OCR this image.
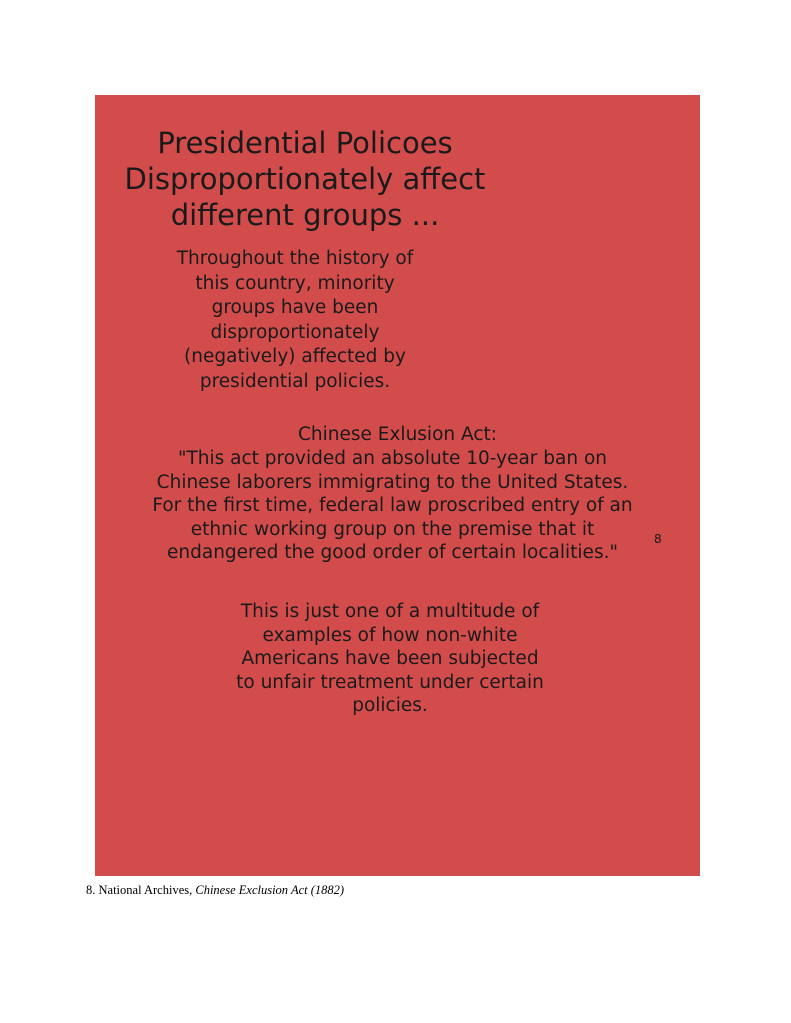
Presidential Policoes
Disproportionately affect
different groups ...
Throughout the history of
this country, minority
groups have been
disproportionately
(negatively) affected by
presidential policies.
Chinese Exlusion Act:
"This act provided an absolute 10-year ban on
Chinese laborers immigrating to the United States.
For the first time, federal law proscribed entry of an
ethnic working group on the premise that it
endangered the good order of certain localities."
8
This is just one of a multitude of
examples of how non-white
Americans have been subjected
to unfair treatment under certain
policies.
8. National Archives, Chinese Exclusion Act (1882)
